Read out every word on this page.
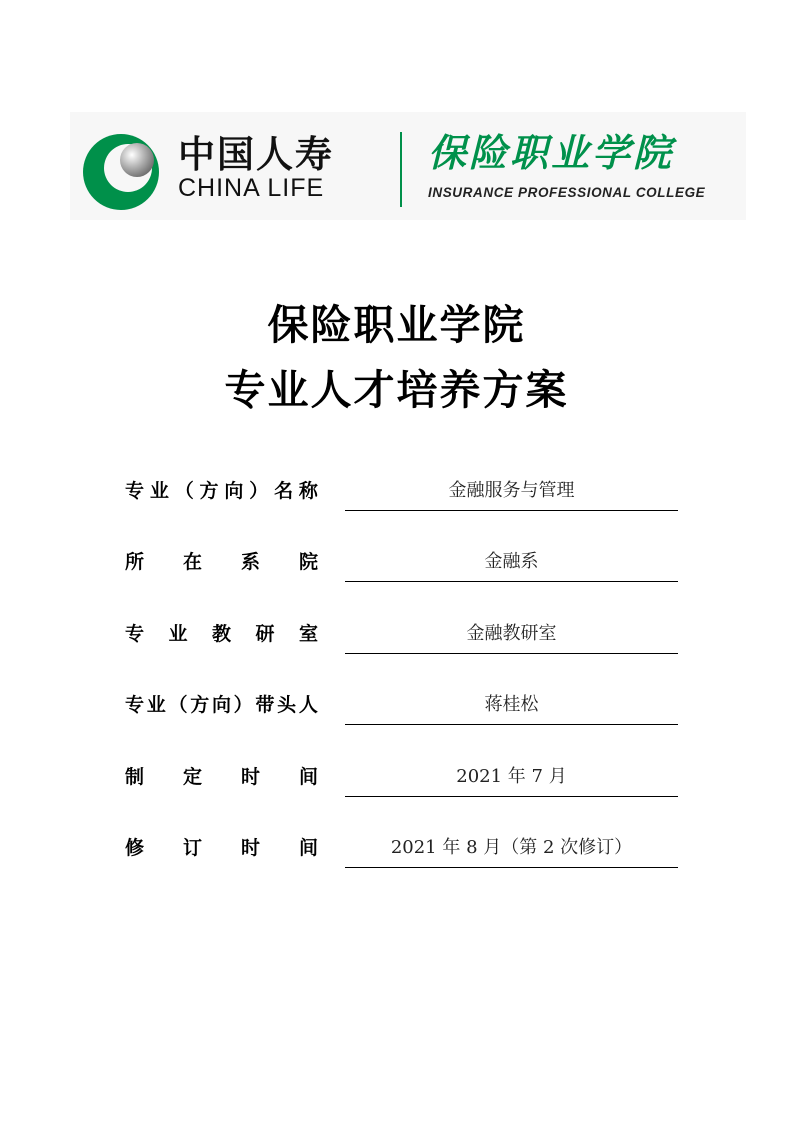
中国人寿
CHINA LIFE
保险职业学院
INSURANCE PROFESSIONAL COLLEGE
保险职业学院
专业人才培养方案
专 业 （ 方 向 ） 名 称	金融服务与管理
所 在 系 院	金融系
专 业 教 研 室	金融教研室
专 业 （ 方 向 ） 带 头 人	蒋桂松
制 定 时 间	2021 年 7 月
修 订 时 间	2021 年 8 月（第 2 次修订）
